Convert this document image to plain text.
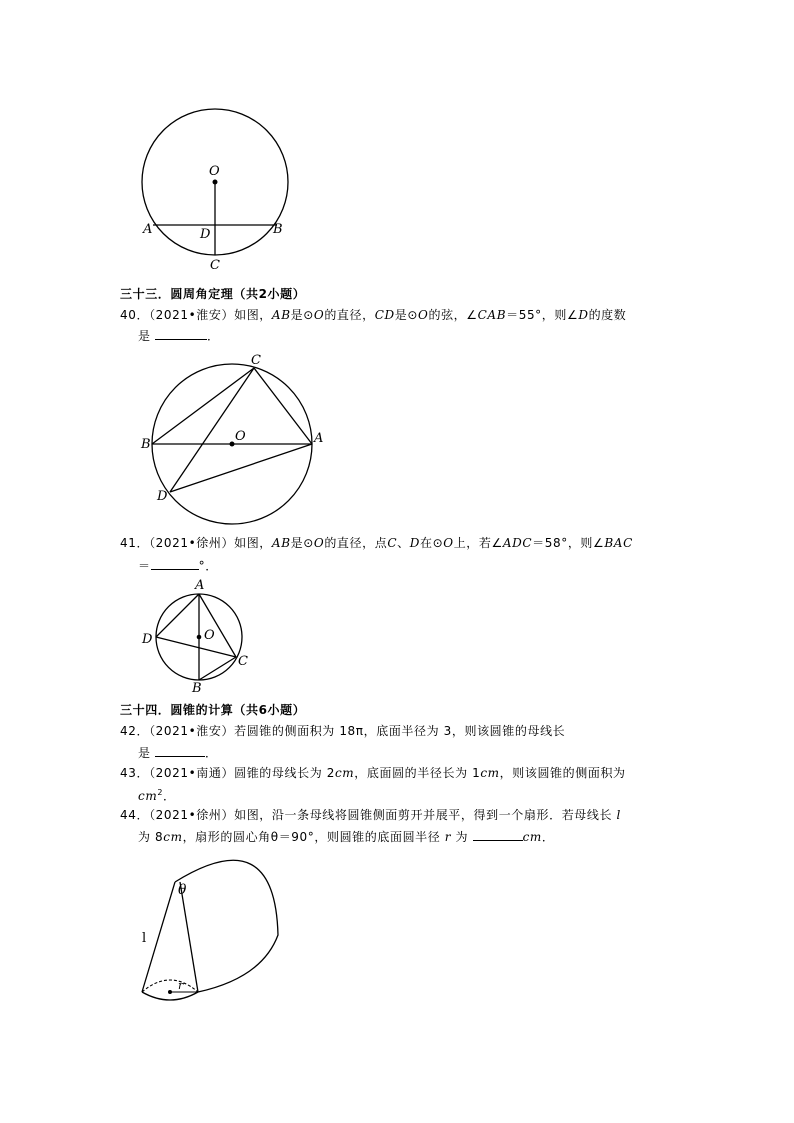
O
A	B
D
C
三十三．圆周角定理（共2小题）
40．（2021•淮安）如图，AB是⊙O的直径，CD是⊙O的弦，∠CAB＝55°，则∠D的度数
是	．
C
B
O	A
D
41．（2021•徐州）如图，AB是⊙O的直径，点C、D在⊙O上，若∠ADC＝58°，则∠BAC
＝	°．
A
D	O
C
B
三十四．圆锥的计算（共6小题）
42．（2021•淮安）若圆锥的侧面积为 18π，底面半径为 3，则该圆锥的母线长
是	．
43．（2021•南通）圆锥的母线长为 2cm，底面圆的半径长为 1cm，则该圆锥的侧面积为
$cm^2$．
44．（2021•徐州）如图，沿一条母线将圆锥侧面剪开并展平，得到一个扇形．若母线长 l
为 8cm，扇形的圆心角θ＝90°，则圆锥的底面圆半径 r 为	cm．
θ
l
r
